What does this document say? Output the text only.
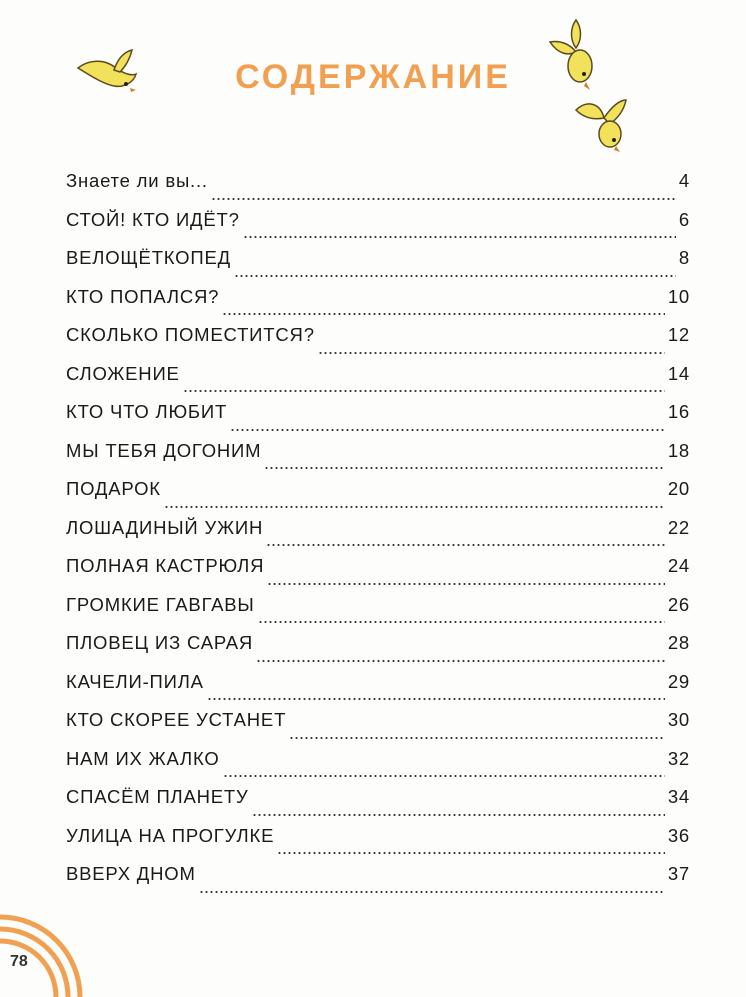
СОДЕРЖАНИЕ
Знаете ли вы...	4
СТОЙ! КТО ИДЁТ?	6
ВЕЛОЩЁТКОПЕД	8
КТО ПОПАЛСЯ?	10
СКОЛЬКО ПОМЕСТИТСЯ?	12
СЛОЖЕНИЕ	14
КТО ЧТО ЛЮБИТ	16
МЫ ТЕБЯ ДОГОНИМ	18
ПОДАРОК	20
ЛОШАДИНЫЙ УЖИН	22
ПОЛНАЯ КАСТРЮЛЯ	24
ГРОМКИЕ ГАВГАВЫ	26
ПЛОВЕЦ ИЗ САРАЯ	28
КАЧЕЛИ-ПИЛА	29
КТО СКОРЕЕ УСТАНЕТ	30
НАМ ИХ ЖАЛКО	32
СПАСЁМ ПЛАНЕТУ	34
УЛИЦА НА ПРОГУЛКЕ	36
ВВЕРХ ДНОМ	37
78
